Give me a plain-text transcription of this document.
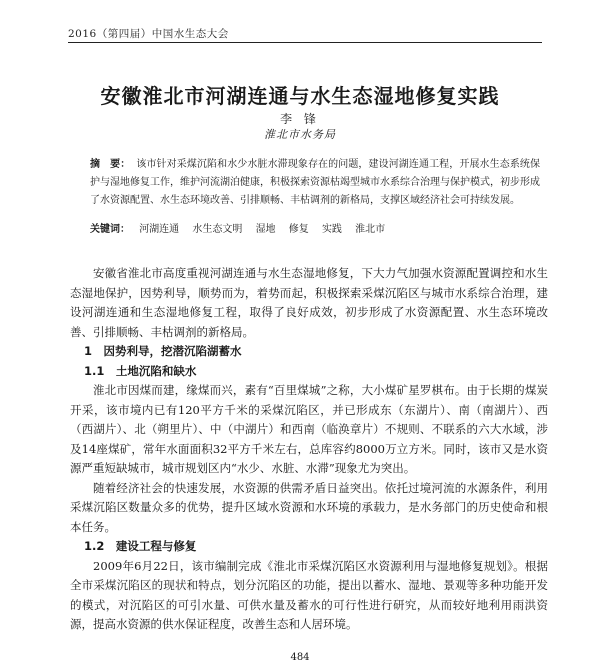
2016（第四届）中国水生态大会
安徽淮北市河湖连通与水生态湿地修复实践
李 锋
淮北市水务局
摘　要： 该市针对采煤沉陷和水少水脏水滞现象存在的问题，建设河湖连通工程，开展水生态系统保护与湿地修复工作，维护河流湖泊健康，积极探索资源枯竭型城市水系综合治理与保护模式，初步形成了水资源配置、水生态环境改善、引排顺畅、丰枯调剂的新格局，支撑区域经济社会可持续发展。
关键词： 河湖连通 水生态文明 湿地 修复 实践 淮北市

安徽省淮北市高度重视河湖连通与水生态湿地修复，下大力气加强水资源配置调控和水生态湿地保护，因势利导，顺势而为，着势而起，积极探索采煤沉陷区与城市水系综合治理，建设河湖连通和生态湿地修复工程，取得了良好成效，初步形成了水资源配置、水生态环境改善、引排顺畅、丰枯调剂的新格局。

1　因势利导，挖潜沉陷湖蓄水
1.1　土地沉陷和缺水

淮北市因煤而建，缘煤而兴，素有“百里煤城”之称，大小煤矿星罗棋布。由于长期的煤炭开采，该市境内已有120平方千米的采煤沉陷区，并已形成东（东湖片）、南（南湖片）、西（西湖片）、北（朔里片）、中（中湖片）和西南（临涣章片）不规则、不联系的六大水域，涉及14座煤矿，常年水面面积32平方千米左右，总库容约8000万立方米。同时，该市又是水资源严重短缺城市，城市规划区内“水少、水脏、水滞”现象尤为突出。

随着经济社会的快速发展，水资源的供需矛盾日益突出。依托过境河流的水源条件，利用采煤沉陷区数量众多的优势，提升区域水资源和水环境的承载力，是水务部门的历史使命和根本任务。

1.2　建设工程与修复

2009年6月22日，该市编制完成《淮北市采煤沉陷区水资源利用与湿地修复规划》。根据全市采煤沉陷区的现状和特点，划分沉陷区的功能，提出以蓄水、湿地、景观等多种功能开发的模式，对沉陷区的可引水量、可供水量及蓄水的可行性进行研究，从而较好地利用雨洪资源，提高水资源的供水保证程度，改善生态和人居环境。

484
